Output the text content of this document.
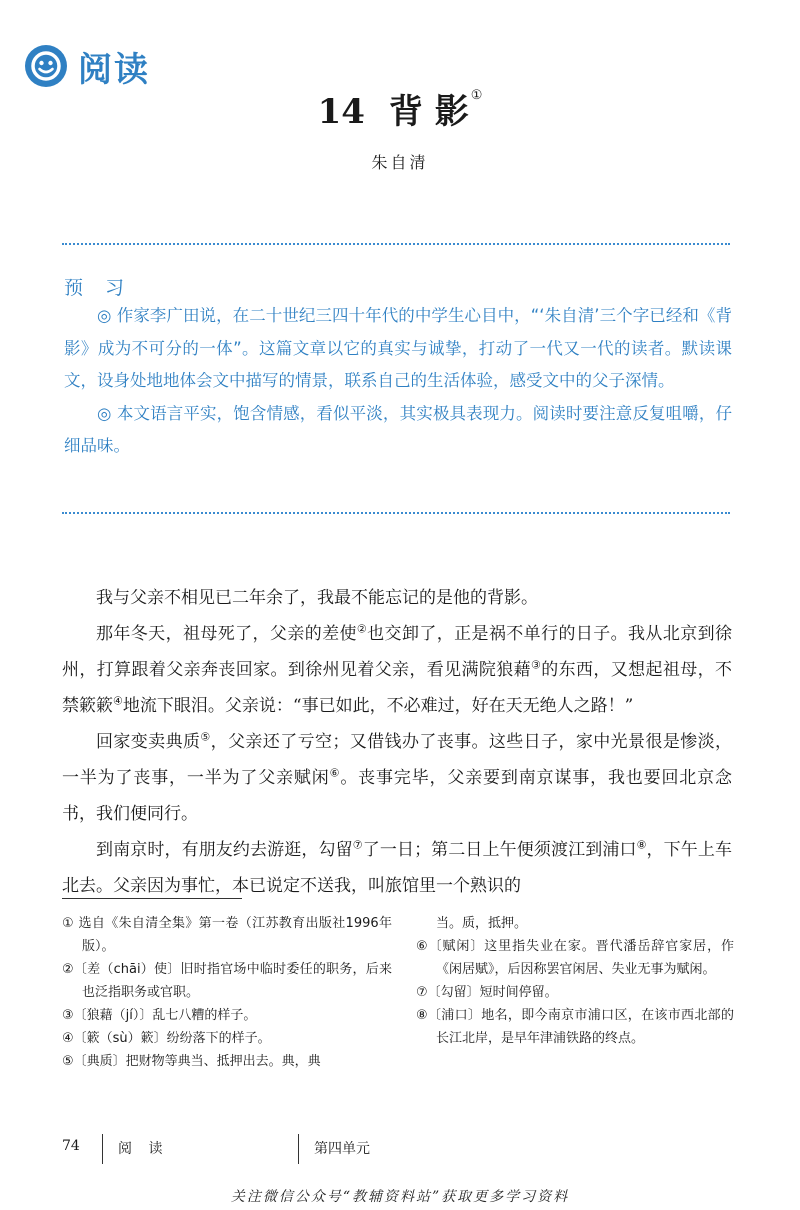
阅读
14 背 影 ①
朱自清
预 习

◎ 作家李广田说，在二十世纪三四十年代的中学生心目中，“‘朱自清’三个字已经和《背影》成为不可分的一体”。这篇文章以它的真实与诚挚，打动了一代又一代的读者。默读课文，设身处地地体会文中描写的情景，联系自己的生活体验，感受文中的父子深情。

◎ 本文语言平实，饱含情感，看似平淡，其实极具表现力。阅读时要注意反复咀嚼，仔细品味。

我与父亲不相见已二年余了，我最不能忘记的是他的背影。

那年冬天，祖母死了，父亲的差使②也交卸了，正是祸不单行的日子。我从北京到徐州，打算跟着父亲奔丧回家。到徐州见着父亲，看见满院狼藉③的东西，又想起祖母，不禁簌簌④地流下眼泪。父亲说：“事已如此，不必难过，好在天无绝人之路！”

回家变卖典质⑤，父亲还了亏空；又借钱办了丧事。这些日子，家中光景很是惨淡，一半为了丧事，一半为了父亲赋闲⑥。丧事完毕，父亲要到南京谋事，我也要回北京念书，我们便同行。

到南京时，有朋友约去游逛，勾留⑦了一日；第二日上午便须渡江到浦口⑧，下午上车北去。父亲因为事忙，本已说定不送我，叫旅馆里一个熟识的

① 选自《朱自清全集》第一卷（江苏教育出版社1996年版）。
②〔差（chāi）使〕旧时指官场中临时委任的职务，后来也泛指职务或官职。
③〔狼藉（jí）〕乱七八糟的样子。
④〔簌（sù）簌〕纷纷落下的样子。
⑤〔典质〕把财物等典当、抵押出去。典，典
当。质，抵押。
⑥〔赋闲〕这里指失业在家。晋代潘岳辞官家居，作《闲居赋》，后因称罢官闲居、失业无事为赋闲。
⑦〔勾留〕短时间停留。
⑧〔浦口〕地名，即今南京市浦口区，在该市西北部的长江北岸，是早年津浦铁路的终点。
74	阅 读	第四单元
关注微信公众号“教辅资料站”获取更多学习资料
